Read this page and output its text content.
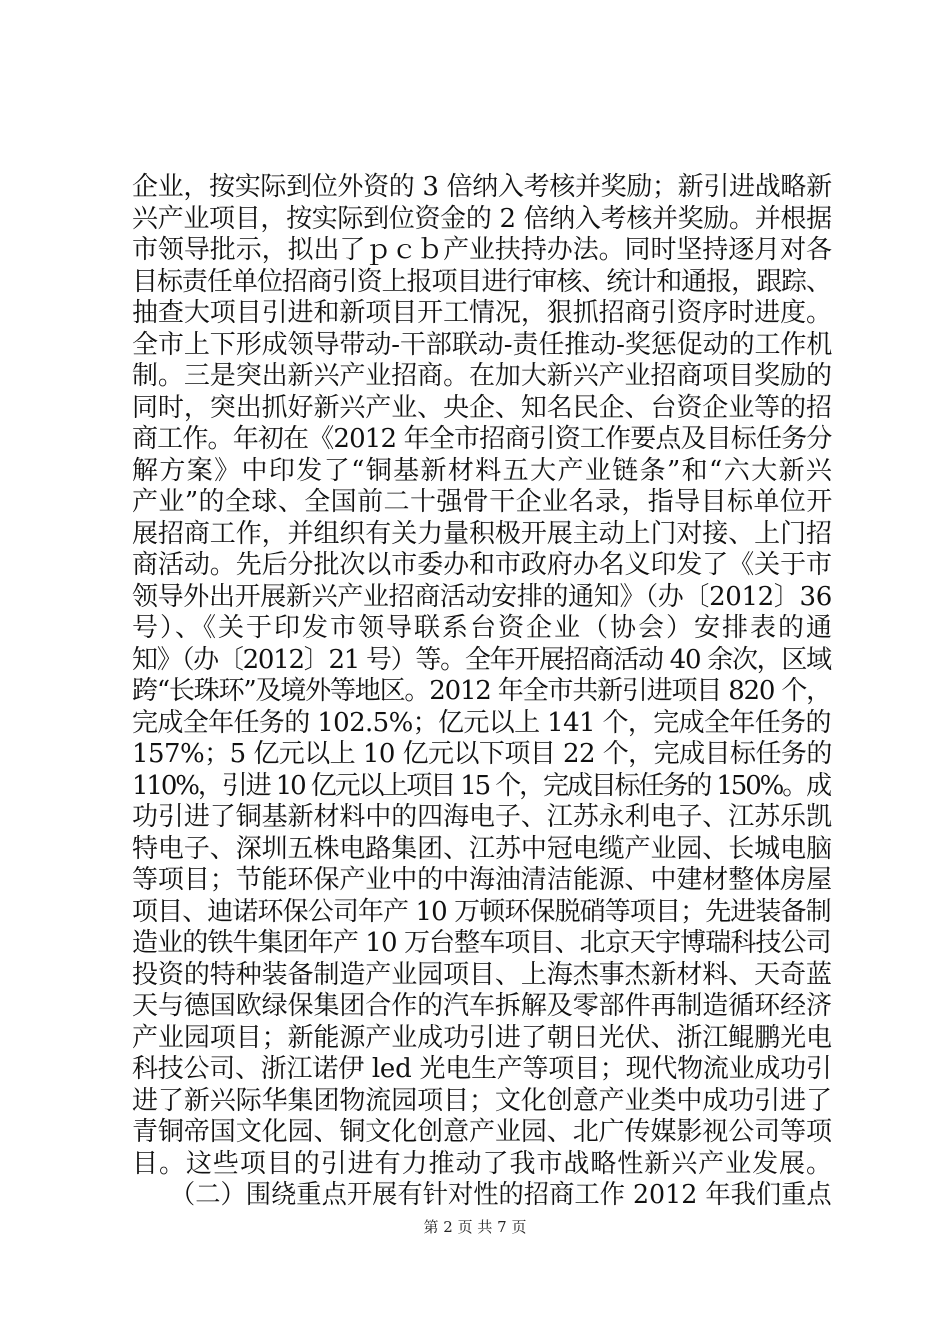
企业，按实际到位外资的 3 倍纳入考核并奖励；新引进战略新
兴产业项目，按实际到位资金的 2 倍纳入考核并奖励。并根据
市领导批示，拟出了ｐｃｂ产业扶持办法。同时坚持逐月对各
目标责任单位招商引资上报项目进行审核、统计和通报，跟踪、
抽查大项目引进和新项目开工情况，狠抓招商引资序时进度。
全市上下形成领导带动-干部联动-责任推动-奖惩促动的工作机
制。三是突出新兴产业招商。在加大新兴产业招商项目奖励的
同时，突出抓好新兴产业、央企、知名民企、台资企业等的招
商工作。年初在《2012 年全市招商引资工作要点及目标任务分
解方案》中印发了“铜基新材料五大产业链条”和“六大新兴
产业”的全球、全国前二十强骨干企业名录，指导目标单位开
展招商工作，并组织有关力量积极开展主动上门对接、上门招
商活动。先后分批次以市委办和市政府办名义印发了《关于市
领导外出开展新兴产业招商活动安排的通知》（办〔2012〕36
号）、《关于印发市领导联系台资企业（协会）安排表的通
知》（办〔2012〕21 号）等。全年开展招商活动 40 余次，区域
跨“长珠环”及境外等地区。2012 年全市共新引进项目 820 个，
完成全年任务的 102.5%；亿元以上 141 个，完成全年任务的
157%；5 亿元以上 10 亿元以下项目 22 个，完成目标任务的
110%，引进 10 亿元以上项目 15 个，完成目标任务的 150%。成
功引进了铜基新材料中的四海电子、江苏永利电子、江苏乐凯
特电子、深圳五株电路集团、江苏中冠电缆产业园、长城电脑
等项目；节能环保产业中的中海油清洁能源、中建材整体房屋
项目、迪诺环保公司年产 10 万顿环保脱硝等项目；先进装备制
造业的铁牛集团年产 10 万台整车项目、北京天宇博瑞科技公司
投资的特种装备制造产业园项目、上海杰事杰新材料、天奇蓝
天与德国欧绿保集团合作的汽车拆解及零部件再制造循环经济
产业园项目；新能源产业成功引进了朝日光伏、浙江鲲鹏光电
科技公司、浙江诺伊 led 光电生产等项目；现代物流业成功引
进了新兴际华集团物流园项目；文化创意产业类中成功引进了
青铜帝国文化园、铜文化创意产业园、北广传媒影视公司等项
目。这些项目的引进有力推动了我市战略性新兴产业发展。
　　（二）围绕重点开展有针对性的招商工作 2012 年我们重点
第 2 页 共 7 页
